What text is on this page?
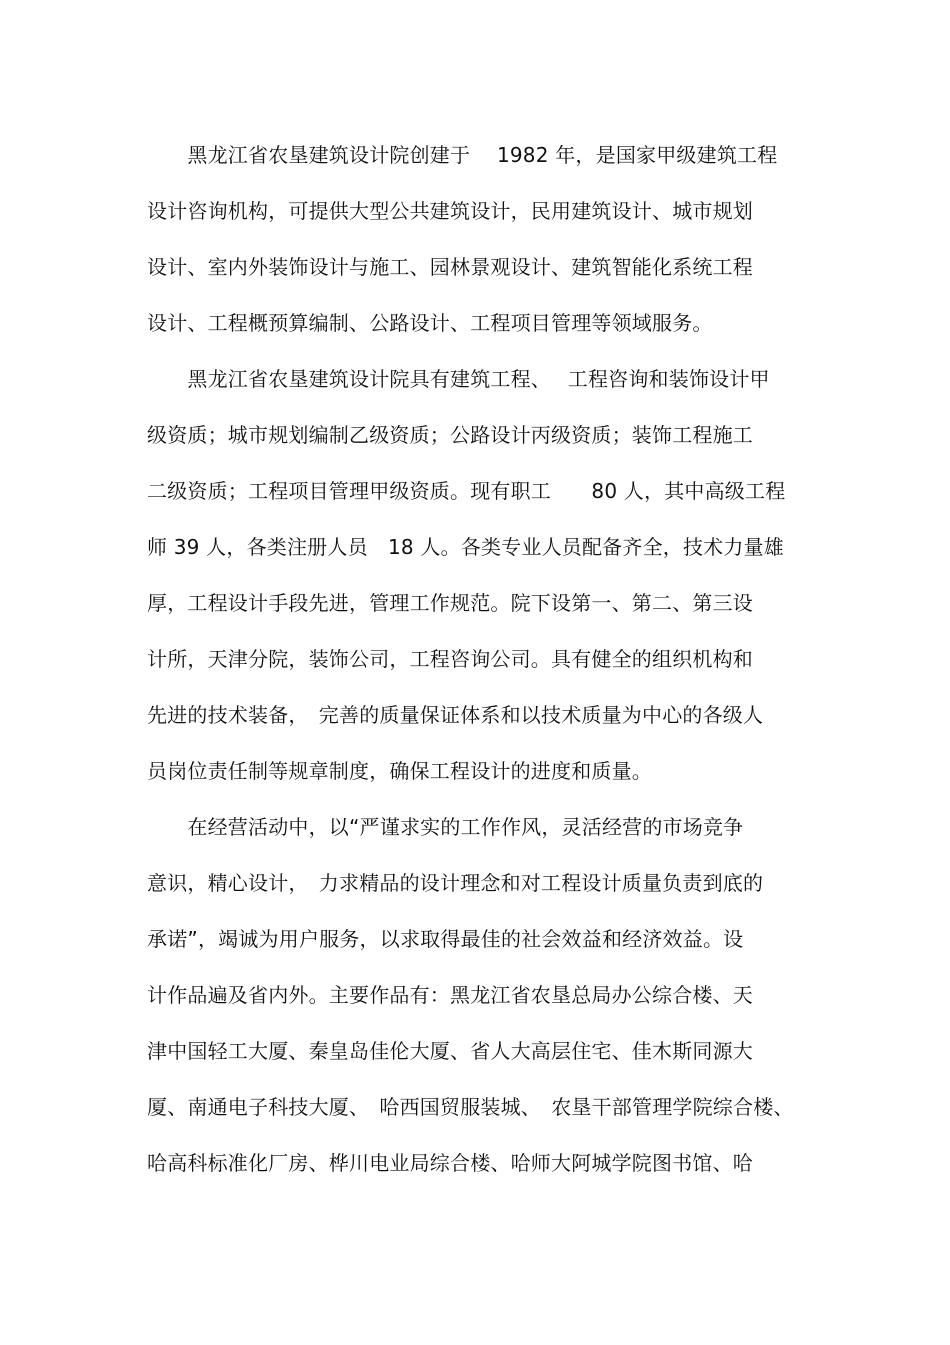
　　黑龙江省农垦建筑设计院创建于　 1982 年，是国家甲级建筑工程
设计咨询机构，可提供大型公共建筑设计，民用建筑设计、城市规划
设计、室内外装饰设计与施工、园林景观设计、建筑智能化系统工程
设计、工程概预算编制、公路设计、工程项目管理等领域服务。
　　黑龙江省农垦建筑设计院具有建筑工程、　 工程咨询和装饰设计甲
级资质；城市规划编制乙级资质；公路设计丙级资质；装饰工程施工
二级资质；工程项目管理甲级资质。现有职工　　80 人，其中高级工程
师 39 人，各类注册人员　18 人。各类专业人员配备齐全，技术力量雄
厚，工程设计手段先进，管理工作规范。院下设第一、第二、第三设
计所，天津分院，装饰公司，工程咨询公司。具有健全的组织机构和
先进的技术装备，　完善的质量保证体系和以技术质量为中心的各级人
员岗位责任制等规章制度，确保工程设计的进度和质量。
　　在经营活动中，以“严谨求实的工作作风，灵活经营的市场竞争
意识，精心设计，　力求精品的设计理念和对工程设计质量负责到底的
承诺”，竭诚为用户服务，以求取得最佳的社会效益和经济效益。设
计作品遍及省内外。主要作品有：黑龙江省农垦总局办公综合楼、天
津中国轻工大厦、秦皇岛佳伦大厦、省人大高层住宅、佳木斯同源大
厦、南通电子科技大厦、　哈西国贸服装城、　农垦干部管理学院综合楼、
哈高科标准化厂房、桦川电业局综合楼、哈师大阿城学院图书馆、哈
